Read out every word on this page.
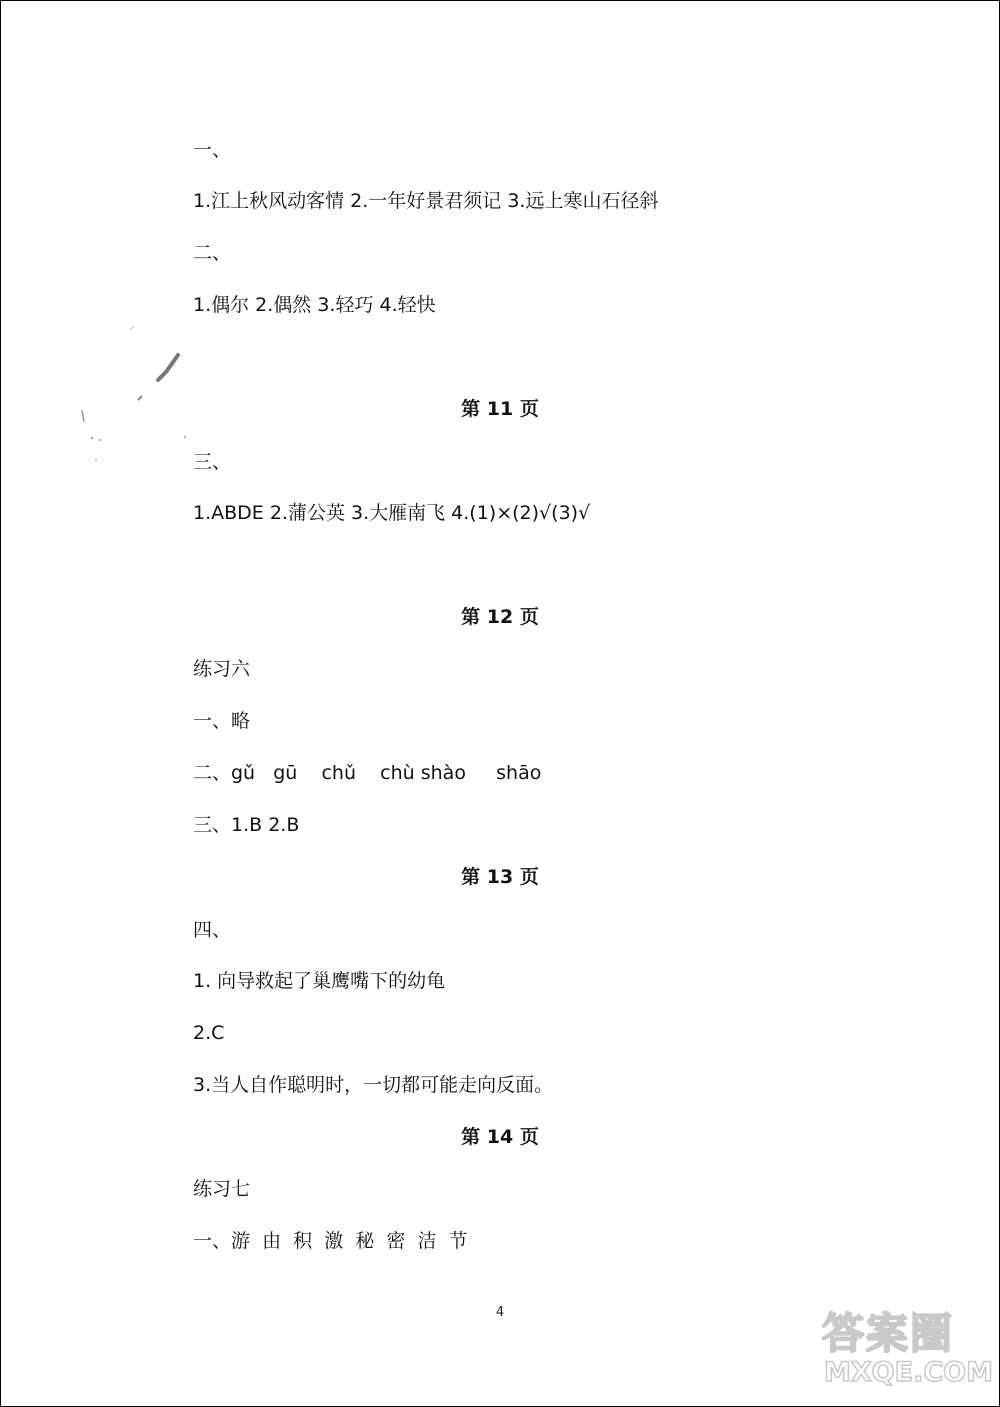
一、

1.江上秋风动客情 2.一年好景君须记 3.远上寒山石径斜

二、

1.偶尔 2.偶然 3.轻巧 4.轻快

第 11 页

三、

1.ABDE 2.蒲公英 3.大雁南飞 4.(1)×(2)√(3)√

第 12 页

练习六

一、略

二、gǔ   gū    chǔ    chù shào     shāo

三、1.B 2.B

第 13 页

四、

1. 向导救起了巢鹰嘴下的幼龟

2.C

3.当人自作聪明时，一切都可能走向反面。

第 14 页

练习七

一、游  由  积  激  秘  密  洁  节

4	答案圈
MXQE.COM
